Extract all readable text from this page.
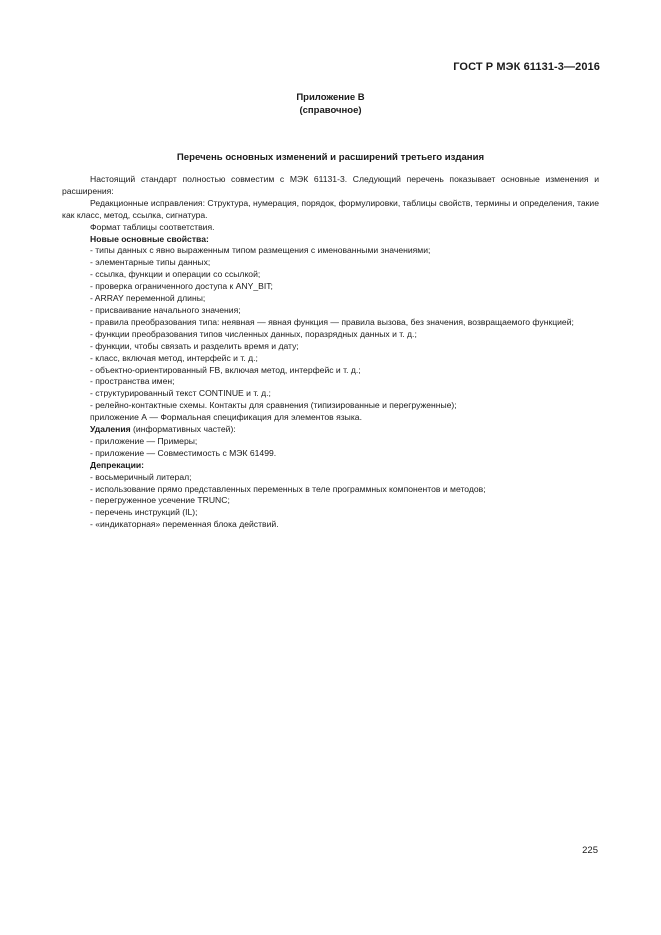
ГОСТ Р МЭК 61131-3—2016
Приложение В
(справочное)
Перечень основных изменений и расширений третьего издания

Настоящий стандарт полностью совместим с МЭК 61131-3. Следующий перечень показывает основные изменения и расширения:

Редакционные исправления: Структура, нумерация, порядок, формулировки, таблицы свойств, термины и определения, такие как класс, метод, ссылка, сигнатура.

Формат таблицы соответствия.

Новые основные свойства:

- типы данных с явно выраженным типом размещения с именованными значениями;

- элементарные типы данных;

- ссылка, функции и операции со ссылкой;

- проверка ограниченного доступа к ANY_BIT;

- ARRAY переменной длины;

- присваивание начального значения;

- правила преобразования типа: неявная — явная функция — правила вызова, без значения, возвращаемого функцией;

- функции преобразования типов численных данных, поразрядных данных и т. д.;

- функции, чтобы связать и разделить время и дату;

- класс, включая метод, интерфейс и т. д.;

- объектно-ориентированный FB, включая метод, интерфейс и т. д.;

- пространства имен;

- структурированный текст CONTINUE и т. д.;

- релейно-контактные схемы. Контакты для сравнения (типизированные и перегруженные);

приложение А — Формальная спецификация для элементов языка.

Удаления (информативных частей):

- приложение — Примеры;

- приложение — Совместимость с МЭК 61499.

Депрекации:

- восьмеричный литерал;

- использование прямо представленных переменных в теле программных компонентов и методов;

- перегруженное усечение TRUNC;

- перечень инструкций (IL);

- «индикаторная» переменная блока действий.

225
